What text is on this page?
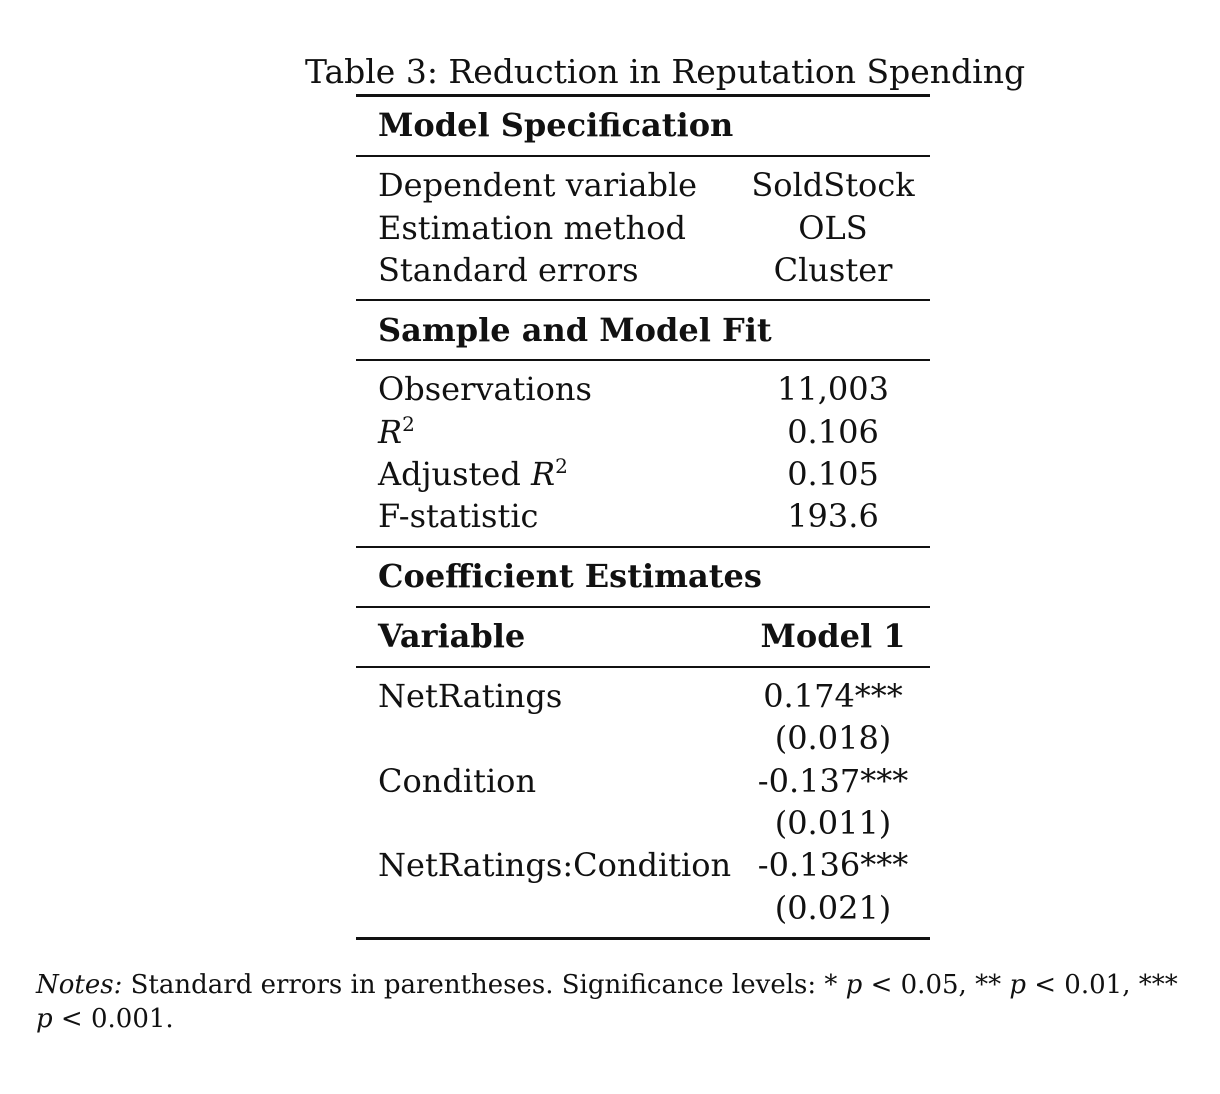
Table 3: Reduction in Reputation Spending
Model Specification
Dependent variable	SoldStock
Estimation method	OLS
Standard errors	Cluster
Sample and Model Fit
Observations	11,003
$R^2$	0.106
Adjusted $R^2$	0.105
F-statistic	193.6
Coefficient Estimates
Variable	Model 1
NetRatings	0.174***
(0.018)
Condition	-0.137***
(0.011)
NetRatings:Condition -0.136***
(0.021)
Notes: Standard errors in parentheses. Significance levels: * p < 0.05, ** p < 0.01, *** p < 0.001.
